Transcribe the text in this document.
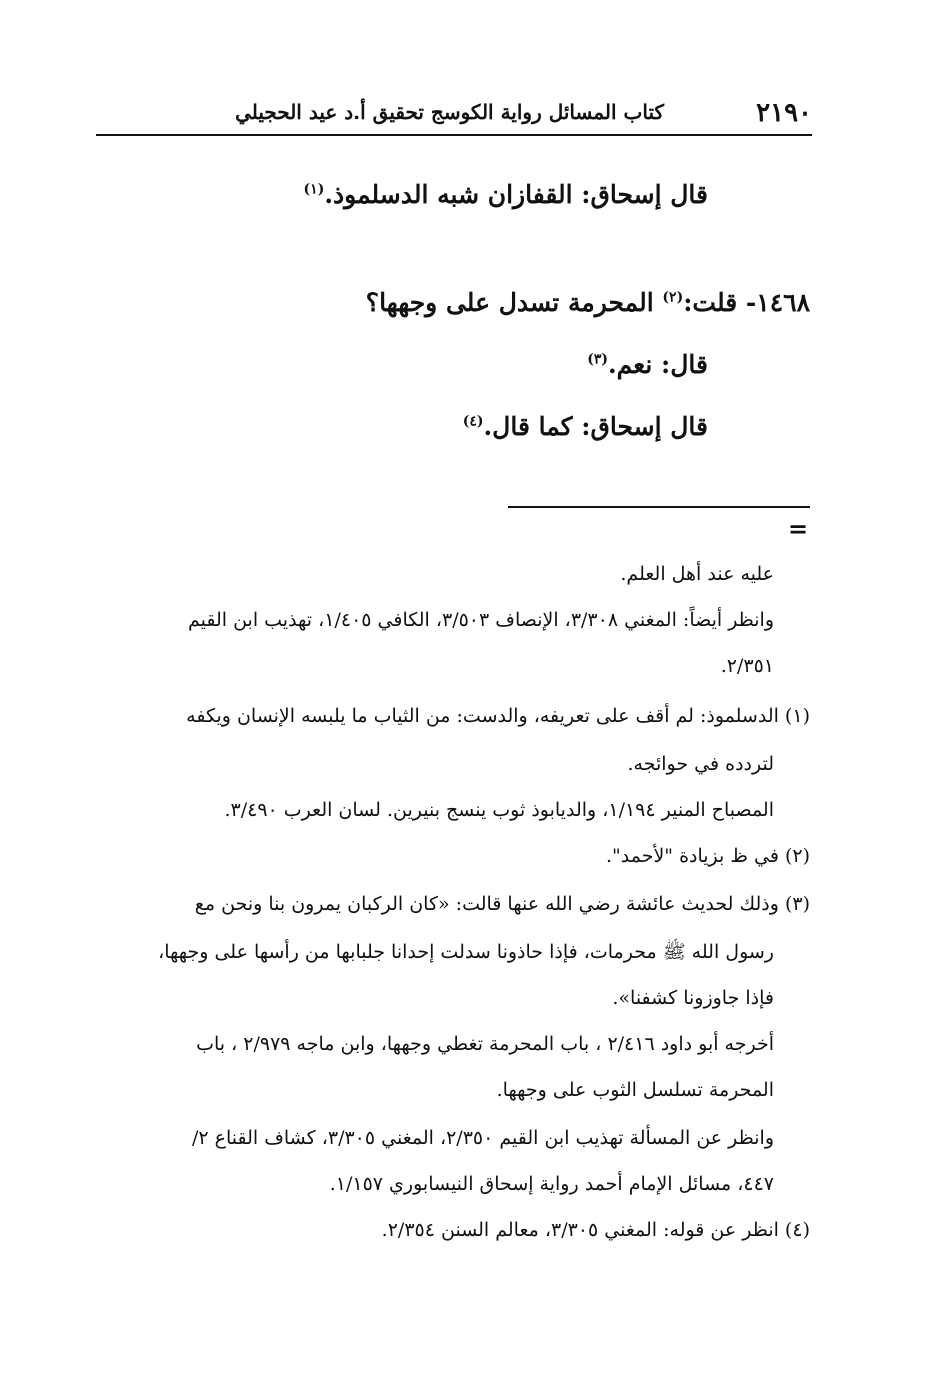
٢١٩٠
كتاب المسائل رواية الكوسج تحقيق أ.د عيد الحجيلي
قال إسحاق: القفازان شبه الدسلموذ.$^{(١)}$
١٤٦٨- قلت:$^{(٢)}$ المحرمة تسدل على وجهها؟
قال: نعم.$^{(٣)}$
قال إسحاق: كما قال.$^{(٤)}$
=
عليه عند أهل العلم.
وانظر أيضاً: المغني ٣/٣٠٨، الإنصاف ٣/٥٠٣، الكافي ١/٤٠٥، تهذيب ابن القيم
٢/٣٥١.
(١) الدسلموذ: لم أقف على تعريفه، والدست: من الثياب ما يلبسه الإنسان ويكفه
لتردده في حوائجه.
المصباح المنير ١/١٩٤، والديابوذ ثوب ينسج بنيرين. لسان العرب ٣/٤٩٠.
(٢) في ظ بزيادة "لأحمد".
(٣) وذلك لحديث عائشة رضي الله عنها قالت: «كان الركبان يمرون بنا ونحن مع
رسول الله ﷺ محرمات، فإذا حاذونا سدلت إحدانا جلبابها من رأسها على وجهها،
فإذا جاوزونا كشفنا».
أخرجه أبو داود ٢/٤١٦ ، باب المحرمة تغطي وجهها، وابن ماجه ٢/٩٧٩ ، باب
المحرمة تسلسل الثوب على وجهها.
وانظر عن المسألة تهذيب ابن القيم ٢/٣٥٠، المغني ٣/٣٠٥، كشاف القناع ٢/
٤٤٧، مسائل الإمام أحمد رواية إسحاق النيسابوري ١/١٥٧.
(٤) انظر عن قوله: المغني ٣/٣٠٥، معالم السنن ٢/٣٥٤.
